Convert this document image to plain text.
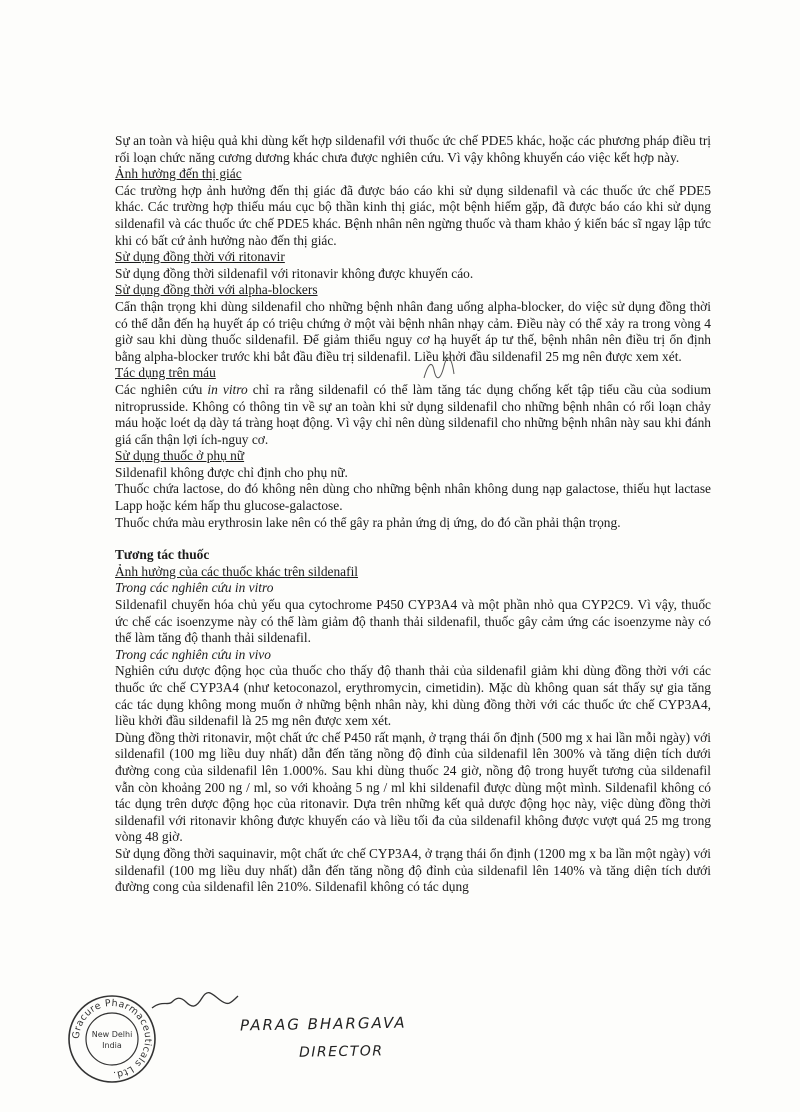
Sự an toàn và hiệu quả khi dùng kết hợp sildenafil với thuốc ức chế PDE5 khác, hoặc các phương pháp điều trị rối loạn chức năng cương dương khác chưa được nghiên cứu. Vì vậy không khuyến cáo việc kết hợp này.

Ảnh hưởng đến thị giác

Các trường hợp ảnh hưởng đến thị giác đã được báo cáo khi sử dụng sildenafil và các thuốc ức chế PDE5 khác. Các trường hợp thiếu máu cục bộ thần kinh thị giác, một bệnh hiếm gặp, đã được báo cáo khi sử dụng sildenafil và các thuốc ức chế PDE5 khác. Bệnh nhân nên ngừng thuốc và tham khảo ý kiến bác sĩ ngay lập tức khi có bất cứ ảnh hưởng nào đến thị giác.

Sử dụng đồng thời với ritonavir

Sử dụng đồng thời sildenafil với ritonavir không được khuyến cáo.

Sử dụng đồng thời với alpha-blockers

Cẩn thận trọng khi dùng sildenafil cho những bệnh nhân đang uống alpha-blocker, do việc sử dụng đồng thời có thể dẫn đến hạ huyết áp có triệu chứng ở một vài bệnh nhân nhạy cảm. Điều này có thể xảy ra trong vòng 4 giờ sau khi dùng thuốc sildenafil. Để giảm thiểu nguy cơ hạ huyết áp tư thế, bệnh nhân nên điều trị ổn định bằng alpha-blocker trước khi bắt đầu điều trị sildenafil. Liều khởi đầu sildenafil 25 mg nên được xem xét.

Tác dụng trên máu

Các nghiên cứu in vitro chỉ ra rằng sildenafil có thể làm tăng tác dụng chống kết tập tiểu cầu của sodium nitroprusside. Không có thông tin về sự an toàn khi sử dụng sildenafil cho những bệnh nhân có rối loạn chảy máu hoặc loét dạ dày tá tràng hoạt động. Vì vậy chỉ nên dùng sildenafil cho những bệnh nhân này sau khi đánh giá cẩn thận lợi ích-nguy cơ.

Sử dụng thuốc ở phụ nữ

Sildenafil không được chỉ định cho phụ nữ.

Thuốc chứa lactose, do đó không nên dùng cho những bệnh nhân không dung nạp galactose, thiếu hụt lactase Lapp hoặc kém hấp thu glucose-galactose.

Thuốc chứa màu erythrosin lake nên có thể gây ra phản ứng dị ứng, do đó cần phải thận trọng.

Tương tác thuốc

Ảnh hưởng của các thuốc khác trên sildenafil

Trong các nghiên cứu in vitro

Sildenafil chuyển hóa chủ yếu qua cytochrome P450 CYP3A4 và một phần nhỏ qua CYP2C9. Vì vậy, thuốc ức chế các isoenzyme này có thể làm giảm độ thanh thải sildenafil, thuốc gây cảm ứng các isoenzyme này có thể làm tăng độ thanh thải sildenafil.

Trong các nghiên cứu in vivo

Nghiên cứu dược động học của thuốc cho thấy độ thanh thải của sildenafil giảm khi dùng đồng thời với các thuốc ức chế CYP3A4 (như ketoconazol, erythromycin, cimetidin). Mặc dù không quan sát thấy sự gia tăng các tác dụng không mong muốn ở những bệnh nhân này, khi dùng đồng thời với các thuốc ức chế CYP3A4, liều khởi đầu sildenafil là 25 mg nên được xem xét.

Dùng đồng thời ritonavir, một chất ức chế P450 rất mạnh, ở trạng thái ổn định (500 mg x hai lần mỗi ngày) với sildenafil (100 mg liều duy nhất) dẫn đến tăng nồng độ đỉnh của sildenafil lên 300% và tăng diện tích dưới đường cong của sildenafil lên 1.000%. Sau khi dùng thuốc 24 giờ, nồng độ trong huyết tương của sildenafil vẫn còn khoảng 200 ng / ml, so với khoảng 5 ng / ml khi sildenafil được dùng một mình. Sildenafil không có tác dụng trên dược động học của ritonavir. Dựa trên những kết quả dược động học này, việc dùng đồng thời sildenafil với ritonavir không được khuyến cáo và liều tối đa của sildenafil không được vượt quá 25 mg trong vòng 48 giờ.

Sử dụng đồng thời saquinavir, một chất ức chế CYP3A4, ở trạng thái ổn định (1200 mg x ba lần một ngày) với sildenafil (100 mg liều duy nhất) dẫn đến tăng nồng độ đỉnh của sildenafil lên 140% và tăng diện tích dưới đường cong của sildenafil lên 210%. Sildenafil không có tác dụng

Gracure Pharmaceuticals Ltd.
New Delhi
India
PARAG BHARGAVA
DIRECTOR
